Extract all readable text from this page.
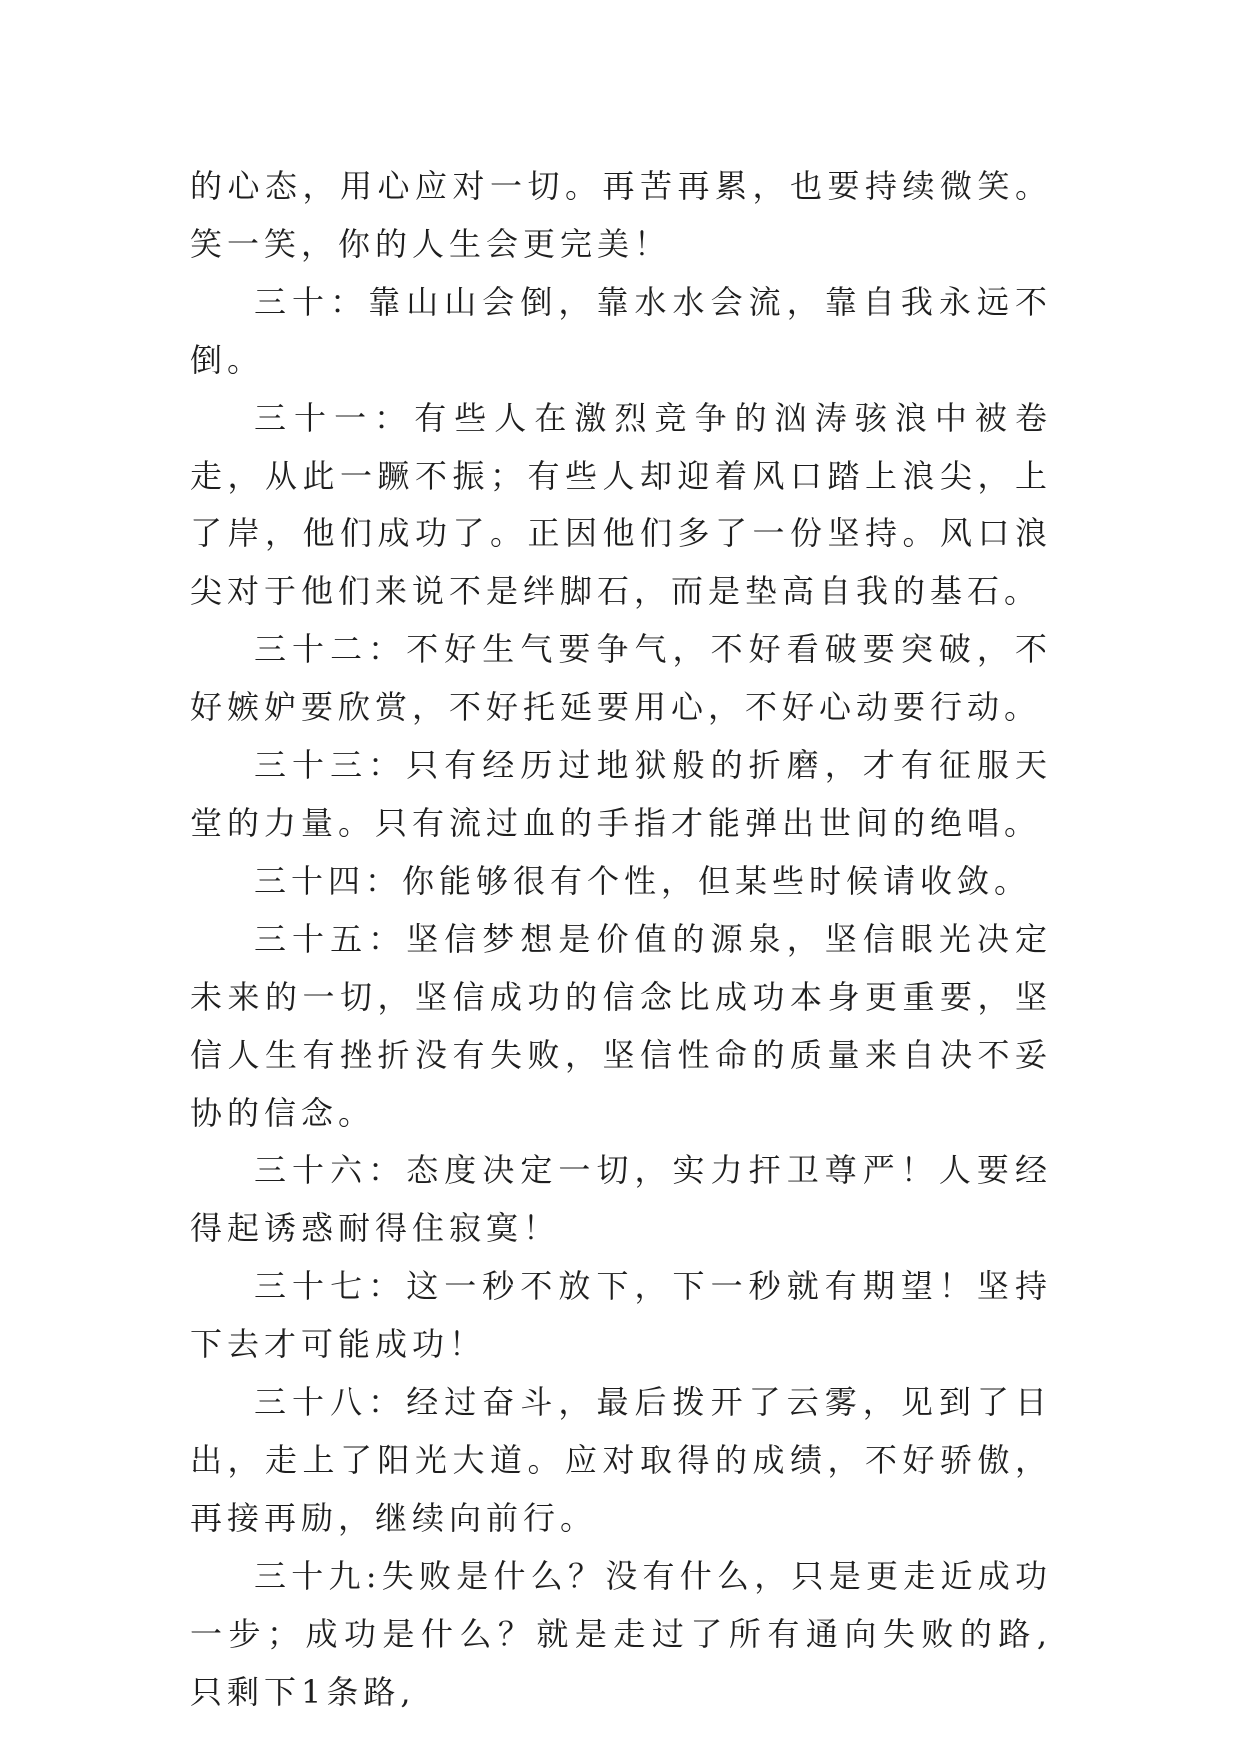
的心态，用心应对一切。再苦再累，也要持续微笑。笑一笑，你的人生会更完美！

三十：靠山山会倒，靠水水会流，靠自我永远不倒。

三十一：有些人在激烈竞争的汹涛骇浪中被卷走，从此一蹶不振；有些人却迎着风口踏上浪尖，上了岸，他们成功了。正因他们多了一份坚持。风口浪尖对于他们来说不是绊脚石，而是垫高自我的基石。

三十二：不好生气要争气，不好看破要突破，不好嫉妒要欣赏，不好托延要用心，不好心动要行动。

三十三：只有经历过地狱般的折磨，才有征服天堂的力量。只有流过血的手指才能弹出世间的绝唱。

三十四：你能够很有个性，但某些时候请收敛。

三十五：坚信梦想是价值的源泉，坚信眼光决定未来的一切，坚信成功的信念比成功本身更重要，坚信人生有挫折没有失败，坚信性命的质量来自决不妥协的信念。

三十六：态度决定一切，实力扞卫尊严！人要经得起诱惑耐得住寂寞！

三十七：这一秒不放下，下一秒就有期望！坚持下去才可能成功！

三十八：经过奋斗，最后拨开了云雾，见到了日出，走上了阳光大道。应对取得的成绩，不好骄傲，再接再励，继续向前行。

三十九:失败是什么？没有什么，只是更走近成功一步；成功是什么？就是走过了所有通向失败的路,只剩下1条路,
